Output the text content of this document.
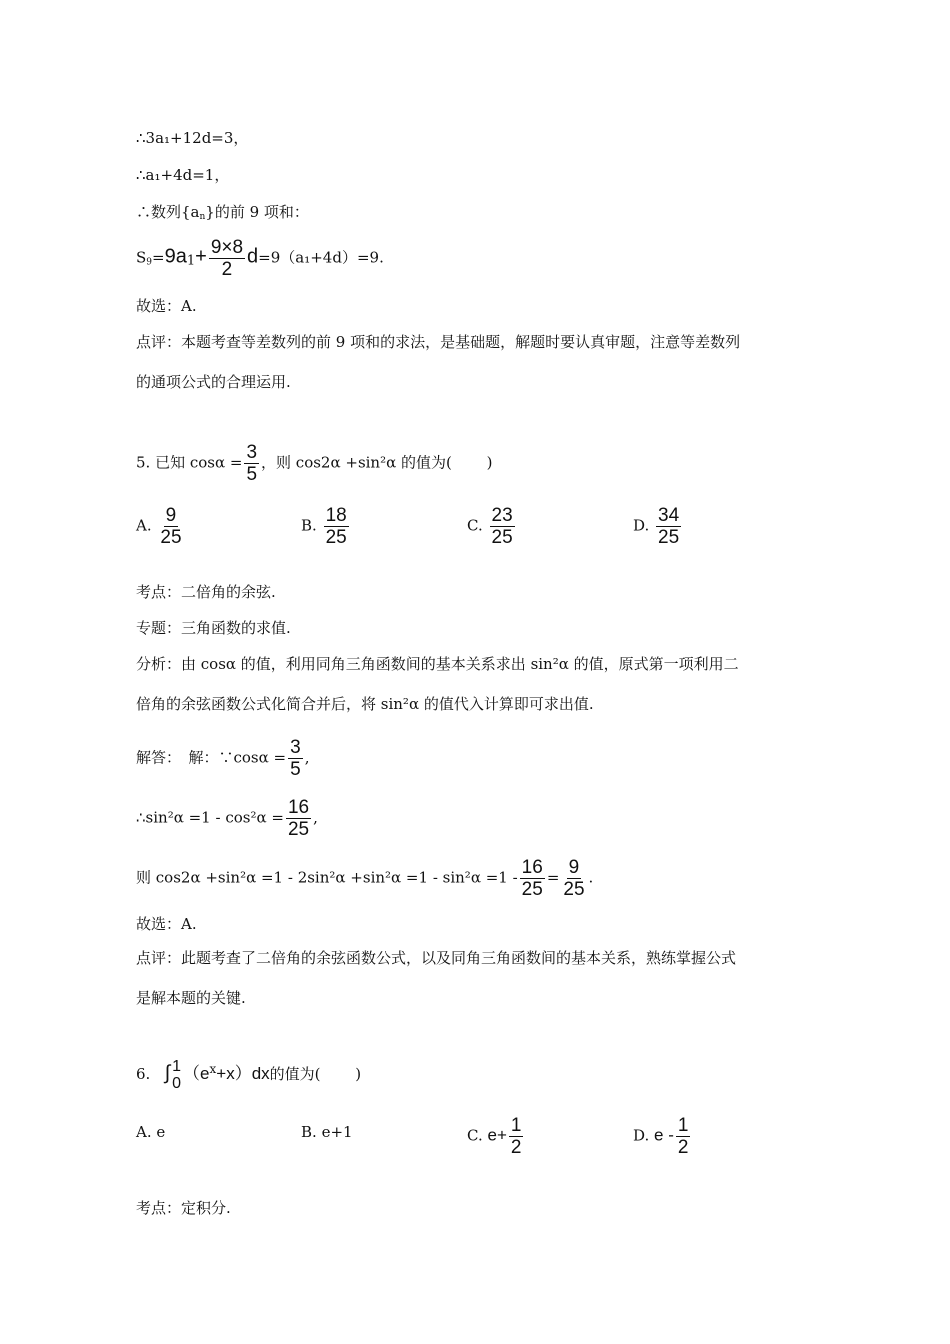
∴3a₁+12d=3，
∴a₁+4d=1，
∴数列$\{a_n\}$的前 9 项和：
$S_9=9a_1+ \frac{9\times 8}{2} d=9(a_1+4d)=9$.
故选：A.
点评：本题考查等差数列的前 9 项和的求法，是基础题，解题时要认真审题，注意等差数列
的通项公式的合理运用.
5. 已知 $\cos\alpha = \frac{3}{5}$ ，则 cos2α +sin²α 的值为(　　 )
A. $\frac{9}{25}$	B. $\frac{18}{25}$	C. $\frac{23}{25}$	D. $\frac{34}{25}$
考点：二倍角的余弦.
专题：三角函数的求值.
分析：由 cosα 的值，利用同角三角函数间的基本关系求出 sin²α 的值，原式第一项利用二
倍角的余弦函数公式化简合并后，将 sin²α 的值代入计算即可求出值.
解答：　解：∵cosα = $\frac{3}{5}$ ,
∴sin²α $=1 - \cos^2\alpha = \frac{16}{25}$ ,
则 $\cos 2\alpha +\sin^2\alpha =1 - 2\sin^2\alpha +\sin^2\alpha =1 - \sin^2\alpha =1 - \frac{16}{25} = \frac{9}{25}$ .
故选：A.
点评：此题考查了二倍角的余弦函数公式，以及同角三角函数间的基本关系，熟练掌握公式
是解本题的关键.
6. ∫ 1
0
$(e^x+x)dx$的值为(　　 )
A. e	B. e+1	C. $e+ \frac{1}{2}$	D. e - $\frac{1}{2}$
考点：定积分.
